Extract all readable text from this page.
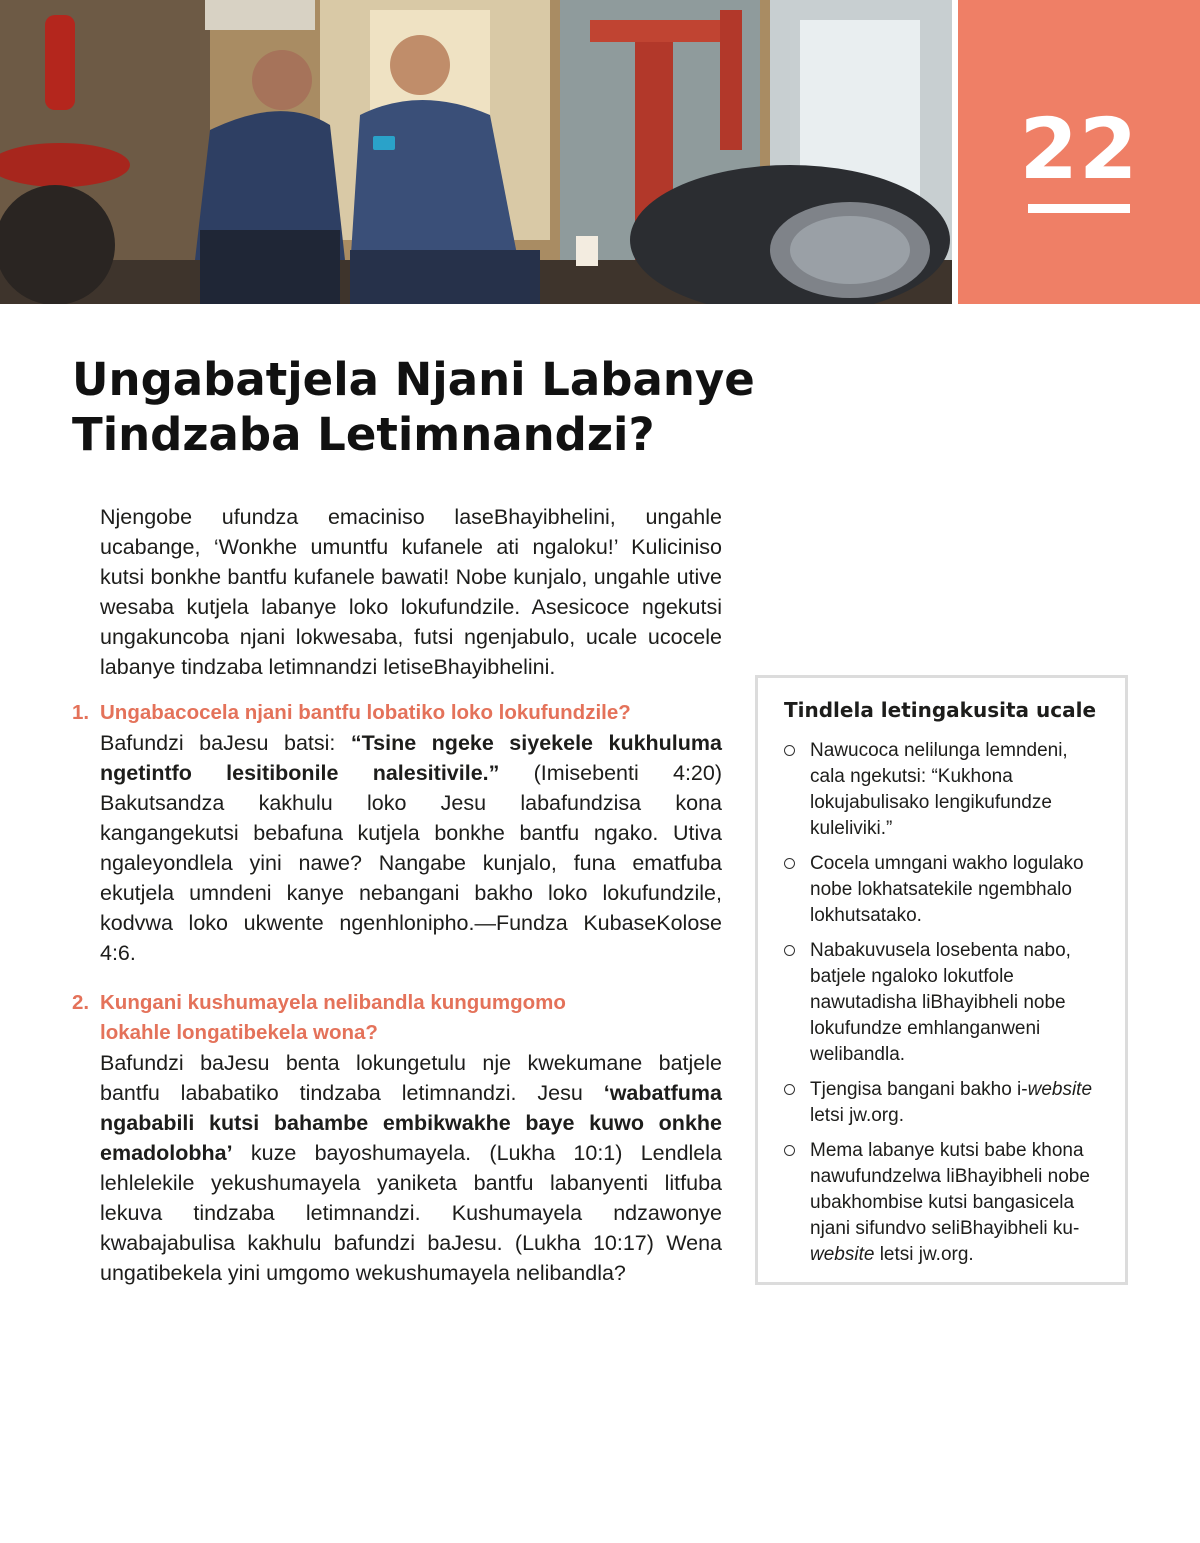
22
Ungabatjela Njani Labanye
Tindzaba Letimnandzi?

Njengobe ufundza emaciniso laseBhayibhelini, ungahle ucabange, ‘Wonkhe umuntfu kufanele ati ngaloku!’ Kuliciniso kutsi bonkhe bantfu kufanele bawati! Nobe kunjalo, ungahle utive wesaba kutjela labanye loko lokufundzile. Asesicoce ngekutsi ungakuncoba njani lokwesaba, futsi ngenjabulo, ucale ucocele labanye tindzaba letimnandzi letiseBhayibhelini.

1. Ungabacocela njani bantfu lobatiko loko lokufundzile?

Bafundzi baJesu batsi: “Tsine ngeke siyekele kukhuluma ngetintfo lesitibonile nalesitivile.” (Imisebenti 4:20) Bakutsandza kakhulu loko Jesu labafundzisa kona kangangekutsi bebafuna kutjela bonkhe bantfu ngako. Utiva ngaleyondlela yini nawe? Nangabe kunjalo, funa ematfuba ekutjela umndeni kanye nebangani bakho loko lokufundzile, kodvwa loko ukwente ngenhlonipho.—Fundza KubaseKolose 4:6.

2. Kungani kushumayela nelibandla kungumgomo
lokahle longatibekela wona?

Bafundzi baJesu benta lokungetulu nje kwekumane batjele bantfu lababatiko tindzaba letimnandzi. Jesu ‘wabatfuma ngababili kutsi bahambe embikwakhe baye kuwo onkhe emadolobha’ kuze bayoshumayela. (Lukha 10:1) Lendlela lehlelekile yekushumayela yaniketa bantfu labanyenti litfuba lekuva tindzaba letimnandzi. Kushumayela ndzawonye kwabajabulisa kakhulu bafundzi baJesu. (Lukha 10:17) Wena ungatibekela yini umgomo wekushumayela nelibandla?

Tindlela letingakusita ucale

Nawucoca nelilunga lemndeni, cala ngekutsi: “Kukhona lokujabulisako lengikufundze kuleliviki.”
Cocela umngani wakho logulako nobe lokhatsatekile ngembhalo lokhutsatako.
Nabakuvusela losebenta nabo, batjele ngaloko lokutfole nawutadisha liBhayibheli nobe lokufundze emhlanganweni welibandla.
Tjengisa bangani bakho i-website letsi jw.org.
Mema labanye kutsi babe khona nawufundzelwa liBhayibheli nobe ubakhombise kutsi bangasicela njani sifundvo seliBhayibheli ku-website letsi jw.org.
